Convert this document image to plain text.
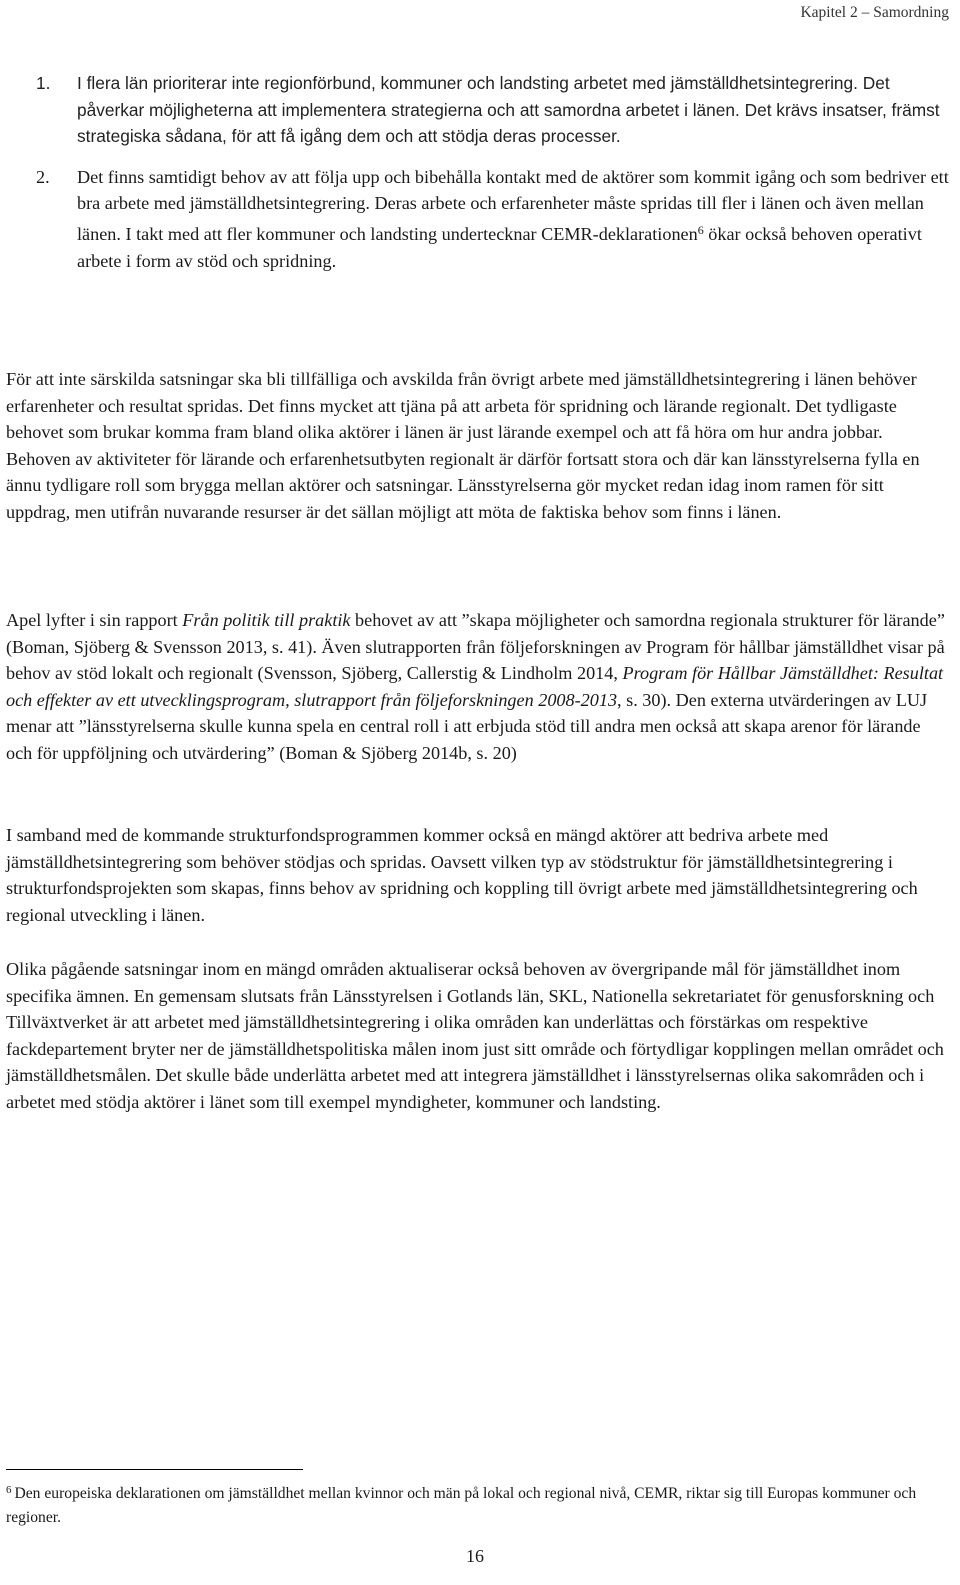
Kapitel 2 – Samordning
1. I flera län prioriterar inte regionförbund, kommuner och landsting arbetet med jämställdhetsintegrering. Det påverkar möjligheterna att implementera strategierna och att samordna arbetet i länen. Det krävs insatser, främst strategiska sådana, för att få igång dem och att stödja deras processer.
2. Det finns samtidigt behov av att följa upp och bibehålla kontakt med de aktörer som kommit igång och som bedriver ett bra arbete med jämställdhetsintegrering. Deras arbete och erfarenheter måste spridas till fler i länen och även mellan länen. I takt med att fler kommuner och landsting undertecknar CEMR-deklarationen$^6$ ökar också behoven operativt arbete i form av stöd och spridning.

För att inte särskilda satsningar ska bli tillfälliga och avskilda från övrigt arbete med jämställdhetsintegrering i länen behöver erfarenheter och resultat spridas. Det finns mycket att tjäna på att arbeta för spridning och lärande regionalt. Det tydligaste behovet som brukar komma fram bland olika aktörer i länen är just lärande exempel och att få höra om hur andra jobbar. Behoven av aktiviteter för lärande och erfarenhetsutbyten regionalt är därför fortsatt stora och där kan länsstyrelserna fylla en ännu tydligare roll som brygga mellan aktörer och satsningar. Länsstyrelserna gör mycket redan idag inom ramen för sitt uppdrag, men utifrån nuvarande resurser är det sällan möjligt att möta de faktiska behov som finns i länen.

Apel lyfter i sin rapport Från politik till praktik behovet av att ”skapa möjligheter och samordna regionala strukturer för lärande” (Boman, Sjöberg & Svensson 2013, s. 41). Även slutrapporten från följeforskningen av Program för hållbar jämställdhet visar på behov av stöd lokalt och regionalt (Svensson, Sjöberg, Callerstig & Lindholm 2014, Program för Hållbar Jämställdhet: Resultat och effekter av ett utvecklingsprogram, slutrapport från följeforskningen 2008-2013, s. 30). Den externa utvärderingen av LUJ menar att ”länsstyrelserna skulle kunna spela en central roll i att erbjuda stöd till andra men också att skapa arenor för lärande och för uppföljning och utvärdering” (Boman & Sjöberg 2014b, s. 20)

I samband med de kommande strukturfondsprogrammen kommer också en mängd aktörer att bedriva arbete med jämställdhetsintegrering som behöver stödjas och spridas. Oavsett vilken typ av stödstruktur för jämställdhetsintegrering i strukturfondsprojekten som skapas, finns behov av spridning och koppling till övrigt arbete med jämställdhetsintegrering och regional utveckling i länen.

Olika pågående satsningar inom en mängd områden aktualiserar också behoven av övergripande mål för jämställdhet inom specifika ämnen. En gemensam slutsats från Länsstyrelsen i Gotlands län, SKL, Nationella sekretariatet för genusforskning och Tillväxtverket är att arbetet med jämställdhetsintegrering i olika områden kan underlättas och förstärkas om respektive fackdepartement bryter ner de jämställdhetspolitiska målen inom just sitt område och förtydligar kopplingen mellan området och jämställdhetsmålen. Det skulle både underlätta arbetet med att integrera jämställdhet i länsstyrelsernas olika sakområden och i arbetet med stödja aktörer i länet som till exempel myndigheter, kommuner och landsting.

$^6$ Den europeiska deklarationen om jämställdhet mellan kvinnor och män på lokal och regional nivå, CEMR, riktar sig till Europas kommuner och regioner.

16
